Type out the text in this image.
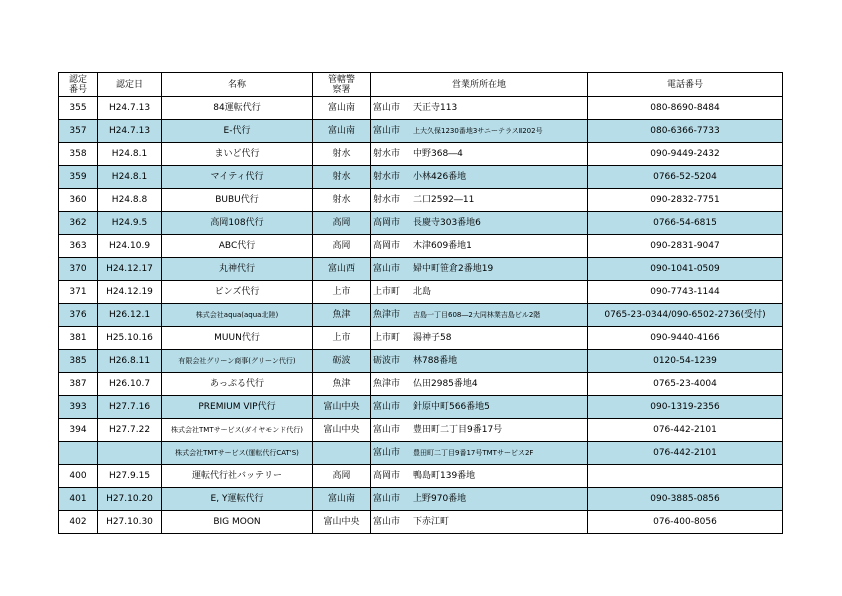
認定番号	認定日	名称	管轄警察署	営業所所在地	電話番号
355	H24.7.13	84運転代行	富山南	富山市 天正寺113	080-8690-8484
357	H24.7.13	E-代行	富山南	富山市 上大久保1230番地3サニーテラスⅡ202号	080-6366-7733
358	H24.8.1	まいど代行	射水	射水市 中野368―4	090-9449-2432
359	H24.8.1	マイティ代行	射水	射水市 小林426番地	0766-52-5204
360	H24.8.8	BUBU代行	射水	射水市 二口2592―11	090-2832-7751
362	H24.9.5	高岡108代行	高岡	高岡市 長慶寺303番地6	0766-54-6815
363	H24.10.9	ABC代行	高岡	高岡市 木津609番地1	090-2831-9047
370	H24.12.17	丸神代行	富山西	富山市 婦中町笹倉2番地19	090-1041-0509
371	H24.12.19	ビンズ代行	上市	上市町 北島	090-7743-1144
376	H26.12.1	株式会社aqua(aqua北陸)	魚津	魚津市 吉島一丁目608―2大同林業吉島ビル2階	0765-23-0344/090-6502-2736(受付)
381	H25.10.16	MUUN代行	上市	上市町 湯神子58	090-9440-4166
385	H26.8.11	有限会社グリーン商事(グリーン代行)	砺波	砺波市 林788番地	0120-54-1239
387	H26.10.7	あっぷる代行	魚津	魚津市 仏田2985番地4	0765-23-4004
393	H27.7.16	PREMIUM VIP代行	富山中央	富山市 針原中町566番地5	090-1319-2356
394	H27.7.22	株式会社TMTサービス(ダイヤモンド代行)	富山中央	富山市 豊田町二丁目9番17号	076-442-2101
		株式会社TMTサービス(運転代行CAT'S)		富山市 豊田町二丁目9番17号TMTサービス2F	076-442-2101
400	H27.9.15	運転代行社バッテリー	高岡	高岡市 鴨島町139番地	
401	H27.10.20	E, Y運転代行	富山南	富山市 上野970番地	090-3885-0856
402	H27.10.30	BIG MOON	富山中央	富山市 下赤江町	076-400-8056
